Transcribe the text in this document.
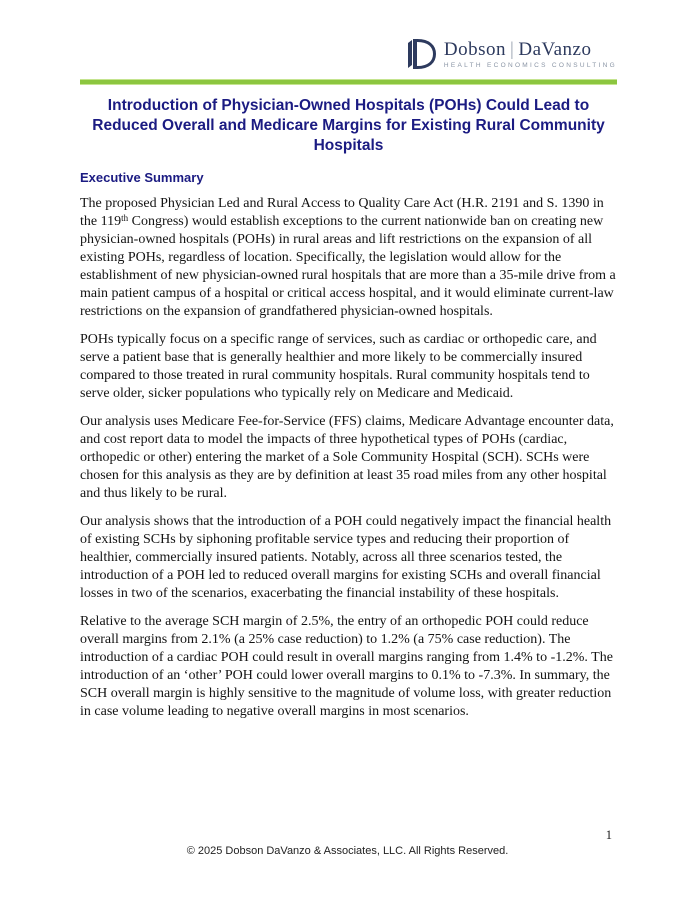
Dobson | DaVanzo
HEALTH ECONOMICS CONSULTING
Introduction of Physician-Owned Hospitals (POHs) Could Lead to Reduced Overall and Medicare Margins for Existing Rural Community Hospitals
Executive Summary

The proposed Physician Led and Rural Access to Quality Care Act (H.R. 2191 and S. 1390 in the 119th Congress) would establish exceptions to the current nationwide ban on creating new physician-owned hospitals (POHs) in rural areas and lift restrictions on the expansion of all existing POHs, regardless of location. Specifically, the legislation would allow for the establishment of new physician-owned rural hospitals that are more than a 35-mile drive from a main patient campus of a hospital or critical access hospital, and it would eliminate current-law restrictions on the expansion of grandfathered physician-owned hospitals.

POHs typically focus on a specific range of services, such as cardiac or orthopedic care, and serve a patient base that is generally healthier and more likely to be commercially insured compared to those treated in rural community hospitals. Rural community hospitals tend to serve older, sicker populations who typically rely on Medicare and Medicaid.

Our analysis uses Medicare Fee-for-Service (FFS) claims, Medicare Advantage encounter data, and cost report data to model the impacts of three hypothetical types of POHs (cardiac, orthopedic or other) entering the market of a Sole Community Hospital (SCH). SCHs were chosen for this analysis as they are by definition at least 35 road miles from any other hospital and thus likely to be rural.

Our analysis shows that the introduction of a POH could negatively impact the financial health of existing SCHs by siphoning profitable service types and reducing their proportion of healthier, commercially insured patients. Notably, across all three scenarios tested, the introduction of a POH led to reduced overall margins for existing SCHs and overall financial losses in two of the scenarios, exacerbating the financial instability of these hospitals.

Relative to the average SCH margin of 2.5%, the entry of an orthopedic POH could reduce overall margins from 2.1% (a 25% case reduction) to 1.2% (a 75% case reduction). The introduction of a cardiac POH could result in overall margins ranging from 1.4% to -1.2%. The introduction of an ‘other’ POH could lower overall margins to 0.1% to -7.3%. In summary, the SCH overall margin is highly sensitive to the magnitude of volume loss, with greater reduction in case volume leading to negative overall margins in most scenarios.

1
© 2025 Dobson DaVanzo & Associates, LLC. All Rights Reserved.
